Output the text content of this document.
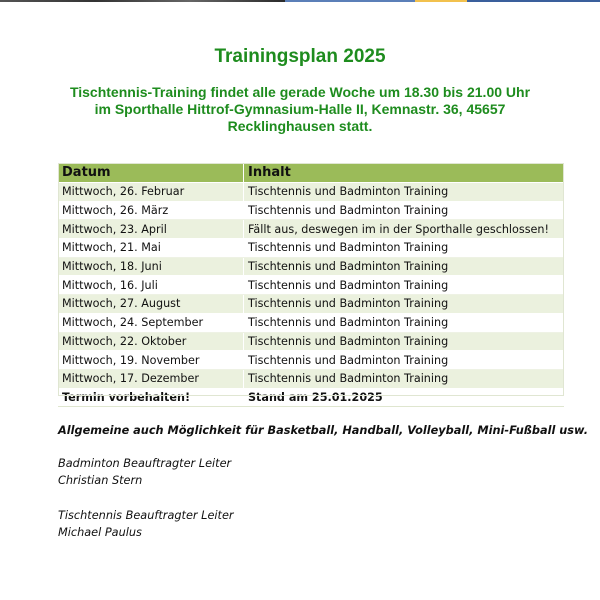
Trainingsplan 2025
Tischtennis-Training findet alle gerade Woche um 18.30 bis 21.00 Uhr
im Sporthalle Hittrof-Gymnasium-Halle II, Kemnastr. 36, 45657
Recklinghausen statt.
Datum	Inhalt
Mittwoch, 26. Februar	Tischtennis und Badminton Training
Mittwoch, 26. März	Tischtennis und Badminton Training
Mittwoch, 23. April	Fällt aus, deswegen im in der Sporthalle geschlossen!
Mittwoch, 21. Mai	Tischtennis und Badminton Training
Mittwoch, 18. Juni	Tischtennis und Badminton Training
Mittwoch, 16. Juli	Tischtennis und Badminton Training
Mittwoch, 27. August	Tischtennis und Badminton Training
Mittwoch, 24. September	Tischtennis und Badminton Training
Mittwoch, 22. Oktober	Tischtennis und Badminton Training
Mittwoch, 19. November	Tischtennis und Badminton Training
Mittwoch, 17. Dezember	Tischtennis und Badminton Training
Termin vorbehalten!	Stand am 25.01.2025
Allgemeine auch Möglichkeit für Basketball, Handball, Volleyball, Mini-Fußball usw.
Badminton Beauftragter Leiter
Christian Stern
Tischtennis Beauftragter Leiter
Michael Paulus
